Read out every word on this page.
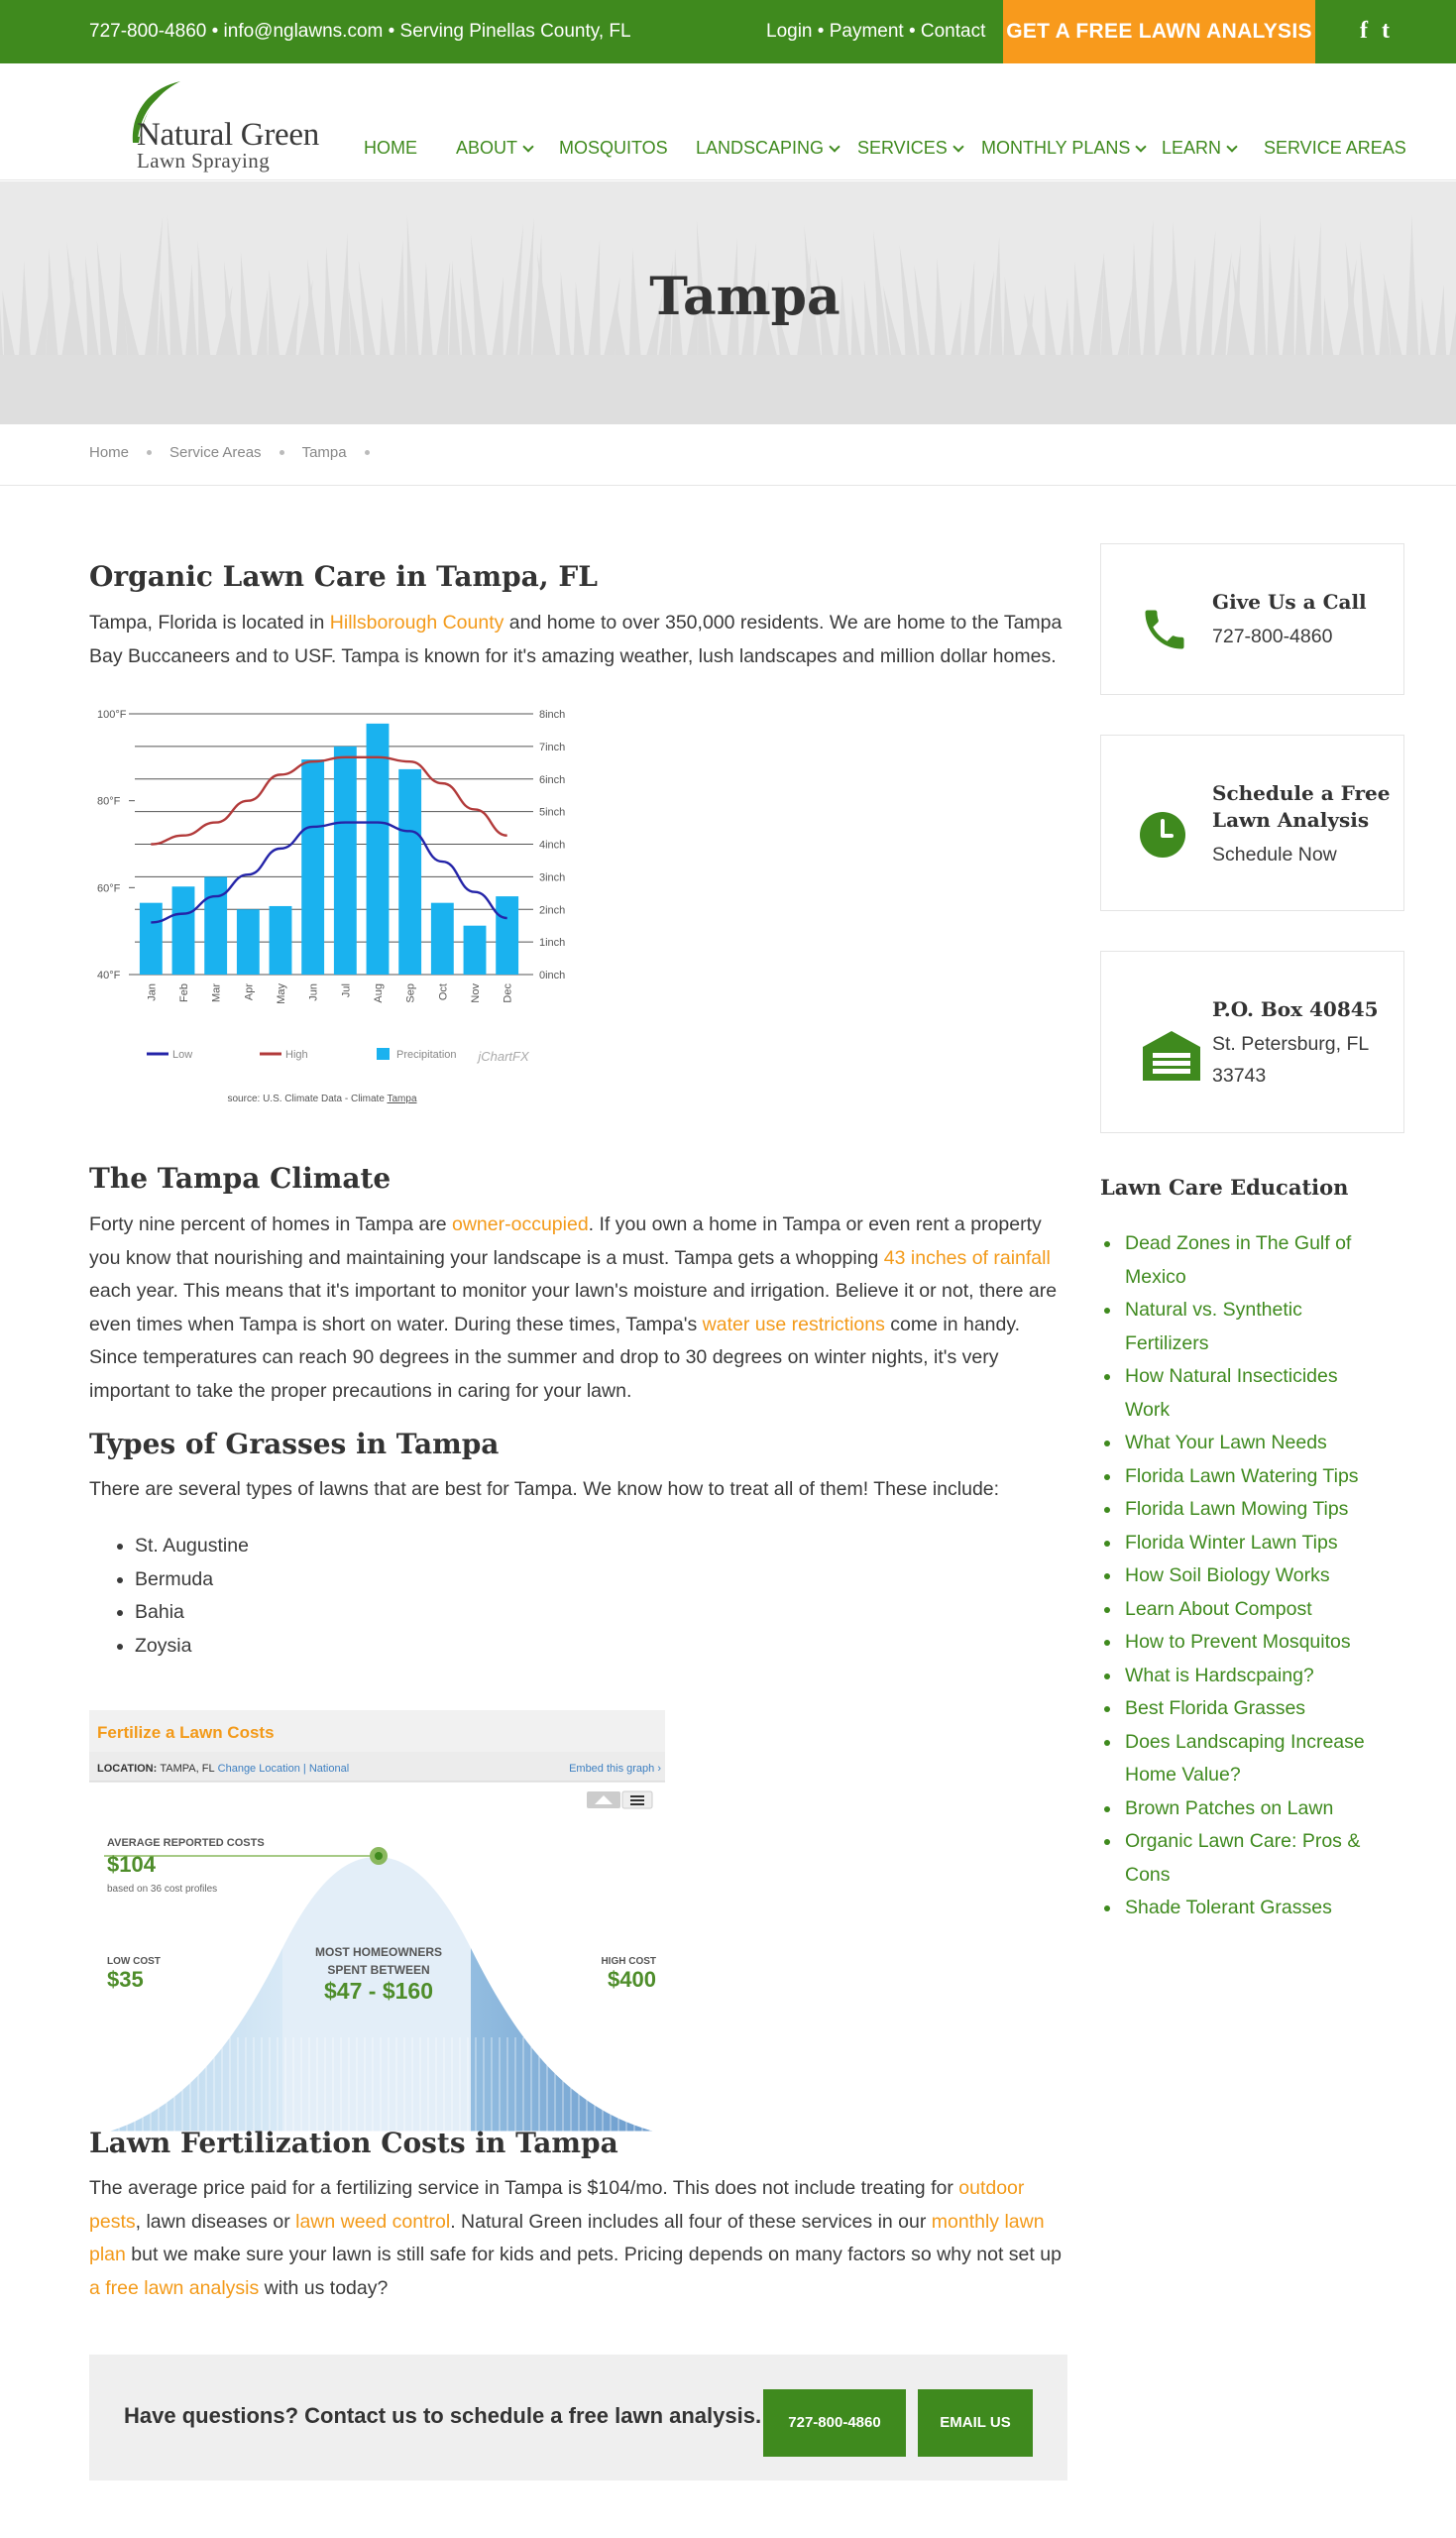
727-800-4860 • info@nglawns.com • Serving Pinellas County, FL	Login • Payment • Contact GET A FREE LAWN ANALYSIS f t
Natural Green
Lawn Spraying
HOME ABOUT	MOSQUITOS LANDSCAPING	SERVICES	MONTHLY PLANS	LEARN	SERVICE AREAS
Tampa
Home	Service Areas	Tampa
Organic Lawn Care in Tampa, FL

Tampa, Florida is located in Hillsborough County and home to over 350,000 residents. We are home to the Tampa Bay Buccaneers and to USF. Tampa is known for it's amazing weather, lush landscapes and million dollar homes.

8inch
7inch
6inch
5inch
4inch
3inch
2inch
1inch
0inch
100°F
80°F
60°F
40°F
Jan Feb Mar Apr May Jun Jul Aug Sep Oct Nov Dec
Low	High	Precipitation jChartFX
source: U.S. Climate Data - Climate Tampa
The Tampa Climate

Forty nine percent of homes in Tampa are owner-occupied. If you own a home in Tampa or even rent a property you know that nourishing and maintaining your landscape is a must. Tampa gets a whopping 43 inches of rainfall each year. This means that it's important to monitor your lawn's moisture and irrigation. Believe it or not, there are even times when Tampa is short on water. During these times, Tampa's water use restrictions come in handy. Since temperatures can reach 90 degrees in the summer and drop to 30 degrees on winter nights, it's very important to take the proper precautions in caring for your lawn.

Types of Grasses in Tampa

There are several types of lawns that are best for Tampa. We know how to treat all of them! These include:

• St. Augustine
• Bermuda
• Bahia
• Zoysia
Fertilize a Lawn Costs
LOCATION: TAMPA, FL Change Location | National	Embed this graph ›
AVERAGE REPORTED COSTS
$104
based on 36 cost profiles
LOW COST
$35
MOST HOMEOWNERS
SPENT BETWEEN
$47 - $160
HIGH COST
$400
Lawn Fertilization Costs in Tampa

The average price paid for a fertilizing service in Tampa is $104/mo. This does not include treating for outdoor pests, lawn diseases or lawn weed control. Natural Green includes all four of these services in our monthly lawn plan but we make sure your lawn is still safe for kids and pets. Pricing depends on many factors so why not set up a free lawn analysis with us today?

Have questions? Contact us to schedule a free lawn analysis.	727-800-4860	EMAIL US
Give Us a Call
727-800-4860
Schedule a Free
Lawn Analysis
Schedule Now
P.O. Box 40845
St. Petersburg, FL
33743
Lawn Care Education
Dead Zones in The Gulf of
Mexico
Natural vs. Synthetic Fertilizers
How Natural Insecticides Work
What Your Lawn Needs
Florida Lawn Watering Tips
Florida Lawn Mowing Tips
Florida Winter Lawn Tips
How Soil Biology Works
Learn About Compost
How to Prevent Mosquitos
What is Hardscpaing?
Best Florida Grasses
Does Landscaping Increase
Home Value?
Brown Patches on Lawn
Organic Lawn Care: Pros &
Cons
Shade Tolerant Grasses
